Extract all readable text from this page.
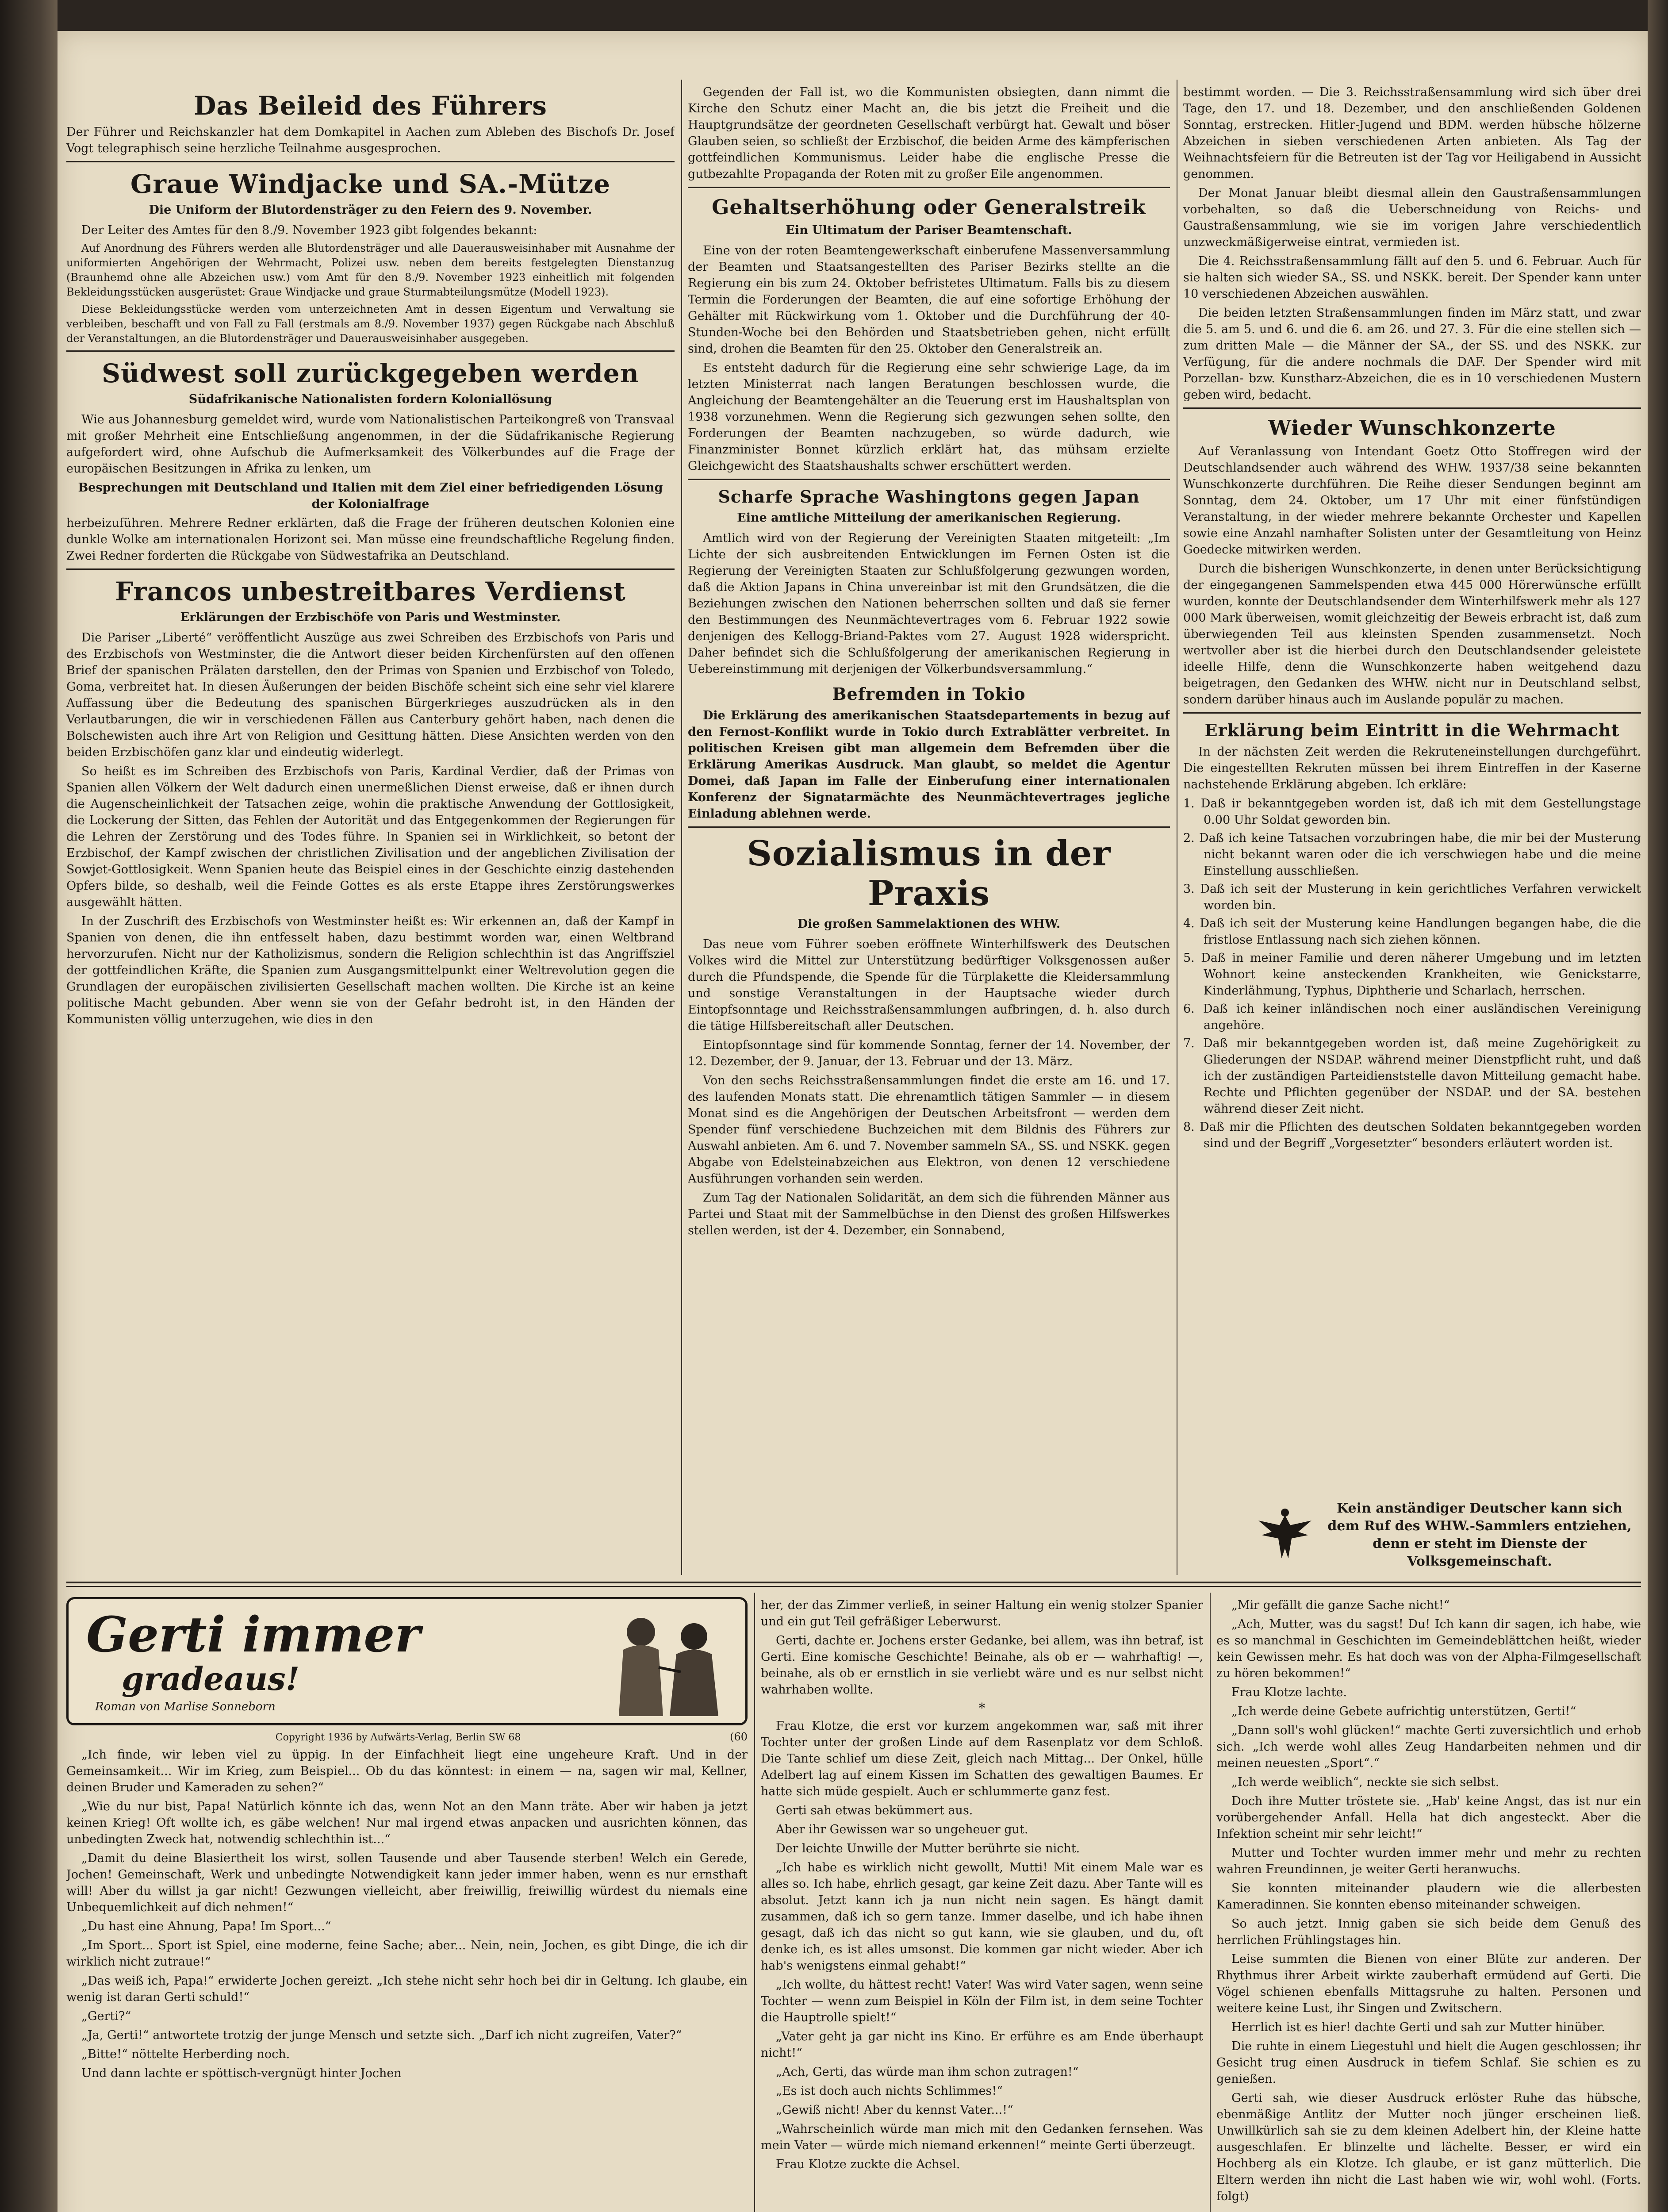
Das Beileid des Führers

Der Führer und Reichskanzler hat dem Domkapitel in Aachen zum Ableben des Bischofs Dr. Josef Vogt telegraphisch seine herzliche Teilnahme ausgesprochen.

Graue Windjacke und SA.-Mütze
Die Uniform der Blutordensträger zu den Feiern des 9. November.

Der Leiter des Amtes für den 8./9. November 1923 gibt folgendes bekannt:

Auf Anordnung des Führers werden alle Blutordensträger und alle Dauerausweisinhaber mit Ausnahme der uniformierten Angehörigen der Wehrmacht, Polizei usw. neben dem bereits festgelegten Dienstanzug (Braunhemd ohne alle Abzeichen usw.) vom Amt für den 8./9. November 1923 einheitlich mit folgenden Bekleidungsstücken ausgerüstet: Graue Windjacke und graue Sturmabteilungsmütze (Modell 1923).

Diese Bekleidungsstücke werden vom unterzeichneten Amt in dessen Eigentum und Verwaltung sie verbleiben, beschafft und von Fall zu Fall (erstmals am 8./9. November 1937) gegen Rückgabe nach Abschluß der Veranstaltungen, an die Blutordensträger und Dauerausweisinhaber ausgegeben.

Südwest soll zurückgegeben werden
Südafrikanische Nationalisten fordern Koloniallösung

Wie aus Johannesburg gemeldet wird, wurde vom Nationalistischen Parteikongreß von Transvaal mit großer Mehrheit eine Entschließung angenommen, in der die Südafrikanische Regierung aufgefordert wird, ohne Aufschub die Aufmerksamkeit des Völkerbundes auf die Frage der europäischen Besitzungen in Afrika zu lenken, um

Besprechungen mit Deutschland und Italien mit dem Ziel einer befriedigenden Lösung der Kolonialfrage

herbeizuführen. Mehrere Redner erklärten, daß die Frage der früheren deutschen Kolonien eine dunkle Wolke am internationalen Horizont sei. Man müsse eine freundschaftliche Regelung finden. Zwei Redner forderten die Rückgabe von Südwestafrika an Deutschland.

Francos unbestreitbares Verdienst
Erklärungen der Erzbischöfe von Paris und Westminster.

Die Pariser „Liberté“ veröffentlicht Auszüge aus zwei Schreiben des Erzbischofs von Paris und des Erzbischofs von Westminster, die die Antwort dieser beiden Kirchenfürsten auf den offenen Brief der spanischen Prälaten darstellen, den der Primas von Spanien und Erzbischof von Toledo, Goma, verbreitet hat. In diesen Äußerungen der beiden Bischöfe scheint sich eine sehr viel klarere Auffassung über die Bedeutung des spanischen Bürgerkrieges auszudrücken als in den Verlautbarungen, die wir in verschiedenen Fällen aus Canterbury gehört haben, nach denen die Bolschewisten auch ihre Art von Religion und Gesittung hätten. Diese Ansichten werden von den beiden Erzbischöfen ganz klar und eindeutig widerlegt.

So heißt es im Schreiben des Erzbischofs von Paris, Kardinal Verdier, daß der Primas von Spanien allen Völkern der Welt dadurch einen unermeßlichen Dienst erweise, daß er ihnen durch die Augenscheinlichkeit der Tatsachen zeige, wohin die praktische Anwendung der Gottlosigkeit, die Lockerung der Sitten, das Fehlen der Autorität und das Entgegenkommen der Regierungen für die Lehren der Zerstörung und des Todes führe. In Spanien sei in Wirklichkeit, so betont der Erzbischof, der Kampf zwischen der christlichen Zivilisation und der angeblichen Zivilisation der Sowjet-Gottlosigkeit. Wenn Spanien heute das Beispiel eines in der Geschichte einzig dastehenden Opfers bilde, so deshalb, weil die Feinde Gottes es als erste Etappe ihres Zerstörungswerkes ausgewählt hätten.

In der Zuschrift des Erzbischofs von Westminster heißt es: Wir erkennen an, daß der Kampf in Spanien von denen, die ihn entfesselt haben, dazu bestimmt worden war, einen Weltbrand hervorzurufen. Nicht nur der Katholizismus, sondern die Religion schlechthin ist das Angriffsziel der gottfeindlichen Kräfte, die Spanien zum Ausgangsmittelpunkt einer Weltrevolution gegen die Grundlagen der europäischen zivilisierten Gesellschaft machen wollten. Die Kirche ist an keine politische Macht gebunden. Aber wenn sie von der Gefahr bedroht ist, in den Händen der Kommunisten völlig unterzugehen, wie dies in den

Gegenden der Fall ist, wo die Kommunisten obsiegten, dann nimmt die Kirche den Schutz einer Macht an, die bis jetzt die Freiheit und die Hauptgrundsätze der geordneten Gesellschaft verbürgt hat. Gewalt und böser Glauben seien, so schließt der Erzbischof, die beiden Arme des kämpferischen gottfeindlichen Kommunismus. Leider habe die englische Presse die gutbezahlte Propaganda der Roten mit zu großer Eile angenommen.

Gehaltserhöhung oder Generalstreik
Ein Ultimatum der Pariser Beamtenschaft.

Eine von der roten Beamtengewerkschaft einberufene Massenversammlung der Beamten und Staatsangestellten des Pariser Bezirks stellte an die Regierung ein bis zum 24. Oktober befristetes Ultimatum. Falls bis zu diesem Termin die Forderungen der Beamten, die auf eine sofortige Erhöhung der Gehälter mit Rückwirkung vom 1. Oktober und die Durchführung der 40-Stunden-Woche bei den Behörden und Staatsbetrieben gehen, nicht erfüllt sind, drohen die Beamten für den 25. Oktober den Generalstreik an.

Es entsteht dadurch für die Regierung eine sehr schwierige Lage, da im letzten Ministerrat nach langen Beratungen beschlossen wurde, die Angleichung der Beamtengehälter an die Teuerung erst im Haushaltsplan von 1938 vorzunehmen. Wenn die Regierung sich gezwungen sehen sollte, den Forderungen der Beamten nachzugeben, so würde dadurch, wie Finanzminister Bonnet kürzlich erklärt hat, das mühsam erzielte Gleichgewicht des Staatshaushalts schwer erschüttert werden.

Scharfe Sprache Washingtons gegen Japan
Eine amtliche Mitteilung der amerikanischen Regierung.

Amtlich wird von der Regierung der Vereinigten Staaten mitgeteilt: „Im Lichte der sich ausbreitenden Entwicklungen im Fernen Osten ist die Regierung der Vereinigten Staaten zur Schlußfolgerung gezwungen worden, daß die Aktion Japans in China unvereinbar ist mit den Grundsätzen, die die Beziehungen zwischen den Nationen beherrschen sollten und daß sie ferner den Bestimmungen des Neunmächtevertrages vom 6. Februar 1922 sowie denjenigen des Kellogg-Briand-Paktes vom 27. August 1928 widerspricht. Daher befindet sich die Schlußfolgerung der amerikanischen Regierung in Uebereinstimmung mit derjenigen der Völkerbundsversammlung.“

Befremden in Tokio

Die Erklärung des amerikanischen Staatsdepartements in bezug auf den Fernost-Konflikt wurde in Tokio durch Extrablätter verbreitet. In politischen Kreisen gibt man allgemein dem Befremden über die Erklärung Amerikas Ausdruck. Man glaubt, so meldet die Agentur Domei, daß Japan im Falle der Einberufung einer internationalen Konferenz der Signatarmächte des Neunmächtevertrages jegliche Einladung ablehnen werde.

Sozialismus in der Praxis
Die großen Sammelaktionen des WHW.

Das neue vom Führer soeben eröffnete Winterhilfswerk des Deutschen Volkes wird die Mittel zur Unterstützung bedürftiger Volksgenossen außer durch die Pfundspende, die Spende für die Türplakette die Kleidersammlung und sonstige Veranstaltungen in der Hauptsache wieder durch Eintopfsonntage und Reichsstraßensammlungen aufbringen, d. h. also durch die tätige Hilfsbereitschaft aller Deutschen.

Eintopfsonntage sind für kommende Sonntag, ferner der 14. November, der 12. Dezember, der 9. Januar, der 13. Februar und der 13. März.

Von den sechs Reichsstraßensammlungen findet die erste am 16. und 17. des laufenden Monats statt. Die ehrenamtlich tätigen Sammler — in diesem Monat sind es die Angehörigen der Deutschen Arbeitsfront — werden dem Spender fünf verschiedene Buchzeichen mit dem Bildnis des Führers zur Auswahl anbieten. Am 6. und 7. November sammeln SA., SS. und NSKK. gegen Abgabe von Edelsteinabzeichen aus Elektron, von denen 12 verschiedene Ausführungen vorhanden sein werden.

Zum Tag der Nationalen Solidarität, an dem sich die führenden Männer aus Partei und Staat mit der Sammelbüchse in den Dienst des großen Hilfswerkes stellen werden, ist der 4. Dezember, ein Sonnabend,

bestimmt worden. — Die 3. Reichsstraßensammlung wird sich über drei Tage, den 17. und 18. Dezember, und den anschließenden Goldenen Sonntag, erstrecken. Hitler-Jugend und BDM. werden hübsche hölzerne Abzeichen in sieben verschiedenen Arten anbieten. Als Tag der Weihnachtsfeiern für die Betreuten ist der Tag vor Heiligabend in Aussicht genommen.

Der Monat Januar bleibt diesmal allein den Gaustraßensammlungen vorbehalten, so daß die Ueberschneidung von Reichs- und Gaustraßensammlung, wie sie im vorigen Jahre verschiedentlich unzweckmäßigerweise eintrat, vermieden ist.

Die 4. Reichsstraßensammlung fällt auf den 5. und 6. Februar. Auch für sie halten sich wieder SA., SS. und NSKK. bereit. Der Spender kann unter 10 verschiedenen Abzeichen auswählen.

Die beiden letzten Straßensammlungen finden im März statt, und zwar die 5. am 5. und 6. und die 6. am 26. und 27. 3. Für die eine stellen sich — zum dritten Male — die Männer der SA., der SS. und des NSKK. zur Verfügung, für die andere nochmals die DAF. Der Spender wird mit Porzellan- bzw. Kunstharz-Abzeichen, die es in 10 verschiedenen Mustern geben wird, bedacht.

Wieder Wunschkonzerte

Auf Veranlassung von Intendant Goetz Otto Stoffregen wird der Deutschlandsender auch während des WHW. 1937/38 seine bekannten Wunschkonzerte durchführen. Die Reihe dieser Sendungen beginnt am Sonntag, dem 24. Oktober, um 17 Uhr mit einer fünfstündigen Veranstaltung, in der wieder mehrere bekannte Orchester und Kapellen sowie eine Anzahl namhafter Solisten unter der Gesamtleitung von Heinz Goedecke mitwirken werden.

Durch die bisherigen Wunschkonzerte, in denen unter Berücksichtigung der eingegangenen Sammelspenden etwa 445 000 Hörerwünsche erfüllt wurden, konnte der Deutschlandsender dem Winterhilfswerk mehr als 127 000 Mark überweisen, womit gleichzeitig der Beweis erbracht ist, daß zum überwiegenden Teil aus kleinsten Spenden zusammensetzt. Noch wertvoller aber ist die hierbei durch den Deutschlandsender geleistete ideelle Hilfe, denn die Wunschkonzerte haben weitgehend dazu beigetragen, den Gedanken des WHW. nicht nur in Deutschland selbst, sondern darüber hinaus auch im Auslande populär zu machen.

Erklärung beim Eintritt in die Wehrmacht

In der nächsten Zeit werden die Rekruteneinstellungen durchgeführt. Die eingestellten Rekruten müssen bei ihrem Eintreffen in der Kaserne nachstehende Erklärung abgeben. Ich erkläre:

1. Daß ir bekanntgegeben worden ist, daß ich mit dem Gestellungstage 0.00 Uhr Soldat geworden bin.
2. Daß ich keine Tatsachen vorzubringen habe, die mir bei der Musterung nicht bekannt waren oder die ich verschwiegen habe und die meine Einstellung ausschließen.
3. Daß ich seit der Musterung in kein gerichtliches Verfahren verwickelt worden bin.
4. Daß ich seit der Musterung keine Handlungen begangen habe, die die fristlose Entlassung nach sich ziehen können.
5. Daß in meiner Familie und deren näherer Umgebung und im letzten Wohnort keine ansteckenden Krankheiten, wie Genickstarre, Kinderlähmung, Typhus, Diphtherie und Scharlach, herrschen.
6. Daß ich keiner inländischen noch einer ausländischen Vereinigung angehöre.
7. Daß mir bekanntgegeben worden ist, daß meine Zugehörigkeit zu Gliederungen der NSDAP. während meiner Dienstpflicht ruht, und daß ich der zuständigen Parteidienststelle davon Mitteilung gemacht habe. Rechte und Pflichten gegenüber der NSDAP. und der SA. bestehen während dieser Zeit nicht.
8. Daß mir die Pflichten des deutschen Soldaten bekanntgegeben worden sind und der Begriff „Vorgesetzter“ besonders erläutert worden ist.
Kein anständiger Deutscher kann sich dem Ruf des WHW.-Sammlers entziehen, denn er steht im Dienste der Volksgemeinschaft.
Gerti immer
gradeaus!
Roman von Marlise Sonneborn
Copyright 1936 by Aufwärts-Verlag, Berlin SW 68	(60

„Ich finde, wir leben viel zu üppig. In der Einfachheit liegt eine ungeheure Kraft. Und in der Gemeinsamkeit... Wir im Krieg, zum Beispiel... Ob du das könntest: in einem — na, sagen wir mal, Kellner, deinen Bruder und Kameraden zu sehen?“

„Wie du nur bist, Papa! Natürlich könnte ich das, wenn Not an den Mann träte. Aber wir haben ja jetzt keinen Krieg! Oft wollte ich, es gäbe welchen! Nur mal irgend etwas anpacken und ausrichten können, das unbedingten Zweck hat, notwendig schlechthin ist...“

„Damit du deine Blasiertheit los wirst, sollen Tausende und aber Tausende sterben! Welch ein Gerede, Jochen! Gemeinschaft, Werk und unbedingte Notwendigkeit kann jeder immer haben, wenn es nur ernsthaft will! Aber du willst ja gar nicht! Gezwungen vielleicht, aber freiwillig, freiwillig würdest du niemals eine Unbequemlichkeit auf dich nehmen!“

„Du hast eine Ahnung, Papa! Im Sport...“

„Im Sport... Sport ist Spiel, eine moderne, feine Sache; aber... Nein, nein, Jochen, es gibt Dinge, die ich dir wirklich nicht zutraue!“

„Das weiß ich, Papa!“ erwiderte Jochen gereizt. „Ich stehe nicht sehr hoch bei dir in Geltung. Ich glaube, ein wenig ist daran Gerti schuld!“

„Gerti?“

„Ja, Gerti!“ antwortete trotzig der junge Mensch und setzte sich. „Darf ich nicht zugreifen, Vater?“

„Bitte!“ nöttelte Herberding noch.

Und dann lachte er spöttisch-vergnügt hinter Jochen

her, der das Zimmer verließ, in seiner Haltung ein wenig stolzer Spanier und ein gut Teil gefräßiger Leberwurst.

Gerti, dachte er. Jochens erster Gedanke, bei allem, was ihn betraf, ist Gerti. Eine komische Geschichte! Beinahe, als ob er — wahrhaftig! —, beinahe, als ob er ernstlich in sie verliebt wäre und es nur selbst nicht wahrhaben wollte.

*

Frau Klotze, die erst vor kurzem angekommen war, saß mit ihrer Tochter unter der großen Linde auf dem Rasenplatz vor dem Schloß. Die Tante schlief um diese Zeit, gleich nach Mittag... Der Onkel, hülle Adelbert lag auf einem Kissen im Schatten des gewaltigen Baumes. Er hatte sich müde gespielt. Auch er schlummerte ganz fest.

Gerti sah etwas bekümmert aus.

Aber ihr Gewissen war so ungeheuer gut.

Der leichte Unwille der Mutter berührte sie nicht.

„Ich habe es wirklich nicht gewollt, Mutti! Mit einem Male war es alles so. Ich habe, ehrlich gesagt, gar keine Zeit dazu. Aber Tante will es absolut. Jetzt kann ich ja nun nicht nein sagen. Es hängt damit zusammen, daß ich so gern tanze. Immer daselbe, und ich habe ihnen gesagt, daß ich das nicht so gut kann, wie sie glauben, und du, oft denke ich, es ist alles umsonst. Die kommen gar nicht wieder. Aber ich hab's wenigstens einmal gehabt!“

„Ich wollte, du hättest recht! Vater! Was wird Vater sagen, wenn seine Tochter — wenn zum Beispiel in Köln der Film ist, in dem seine Tochter die Hauptrolle spielt!“

„Vater geht ja gar nicht ins Kino. Er erführe es am Ende überhaupt nicht!“

„Ach, Gerti, das würde man ihm schon zutragen!“

„Es ist doch auch nichts Schlimmes!“

„Gewiß nicht! Aber du kennst Vater...!“

„Wahrscheinlich würde man mich mit den Gedanken fernsehen. Was mein Vater — würde mich niemand erkennen!“ meinte Gerti überzeugt.

Frau Klotze zuckte die Achsel.

„Mir gefällt die ganze Sache nicht!“

„Ach, Mutter, was du sagst! Du! Ich kann dir sagen, ich habe, wie es so manchmal in Geschichten im Gemeindeblättchen heißt, wieder kein Gewissen mehr. Es hat doch was von der Alpha-Filmgesellschaft zu hören bekommen!“

Frau Klotze lachte.

„Ich werde deine Gebete aufrichtig unterstützen, Gerti!“

„Dann soll's wohl glücken!“ machte Gerti zuversichtlich und erhob sich. „Ich werde wohl alles Zeug Handarbeiten nehmen und dir meinen neuesten „Sport“.“

„Ich werde weiblich“, neckte sie sich selbst.

Doch ihre Mutter tröstete sie. „Hab' keine Angst, das ist nur ein vorübergehender Anfall. Hella hat dich angesteckt. Aber die Infektion scheint mir sehr leicht!“

Mutter und Tochter wurden immer mehr und mehr zu rechten wahren Freundinnen, je weiter Gerti heranwuchs.

Sie konnten miteinander plaudern wie die allerbesten Kameradinnen. Sie konnten ebenso miteinander schweigen.

So auch jetzt. Innig gaben sie sich beide dem Genuß des herrlichen Frühlingstages hin.

Leise summten die Bienen von einer Blüte zur anderen. Der Rhythmus ihrer Arbeit wirkte zauberhaft ermüdend auf Gerti. Die Vögel schienen ebenfalls Mittagsruhe zu halten. Personen und weitere keine Lust, ihr Singen und Zwitschern.

Herrlich ist es hier! dachte Gerti und sah zur Mutter hinüber.

Die ruhte in einem Liegestuhl und hielt die Augen geschlossen; ihr Gesicht trug einen Ausdruck in tiefem Schlaf. Sie schien es zu genießen.

Gerti sah, wie dieser Ausdruck erlöster Ruhe das hübsche, ebenmäßige Antlitz der Mutter noch jünger erscheinen ließ. Unwillkürlich sah sie zu dem kleinen Adelbert hin, der Kleine hatte ausgeschlafen. Er blinzelte und lächelte. Besser, er wird ein Hochberg als ein Klotze. Ich glaube, er ist ganz mütterlich. Die Eltern werden ihn nicht die Last haben wie wir, wohl wohl. (Forts. folgt)
